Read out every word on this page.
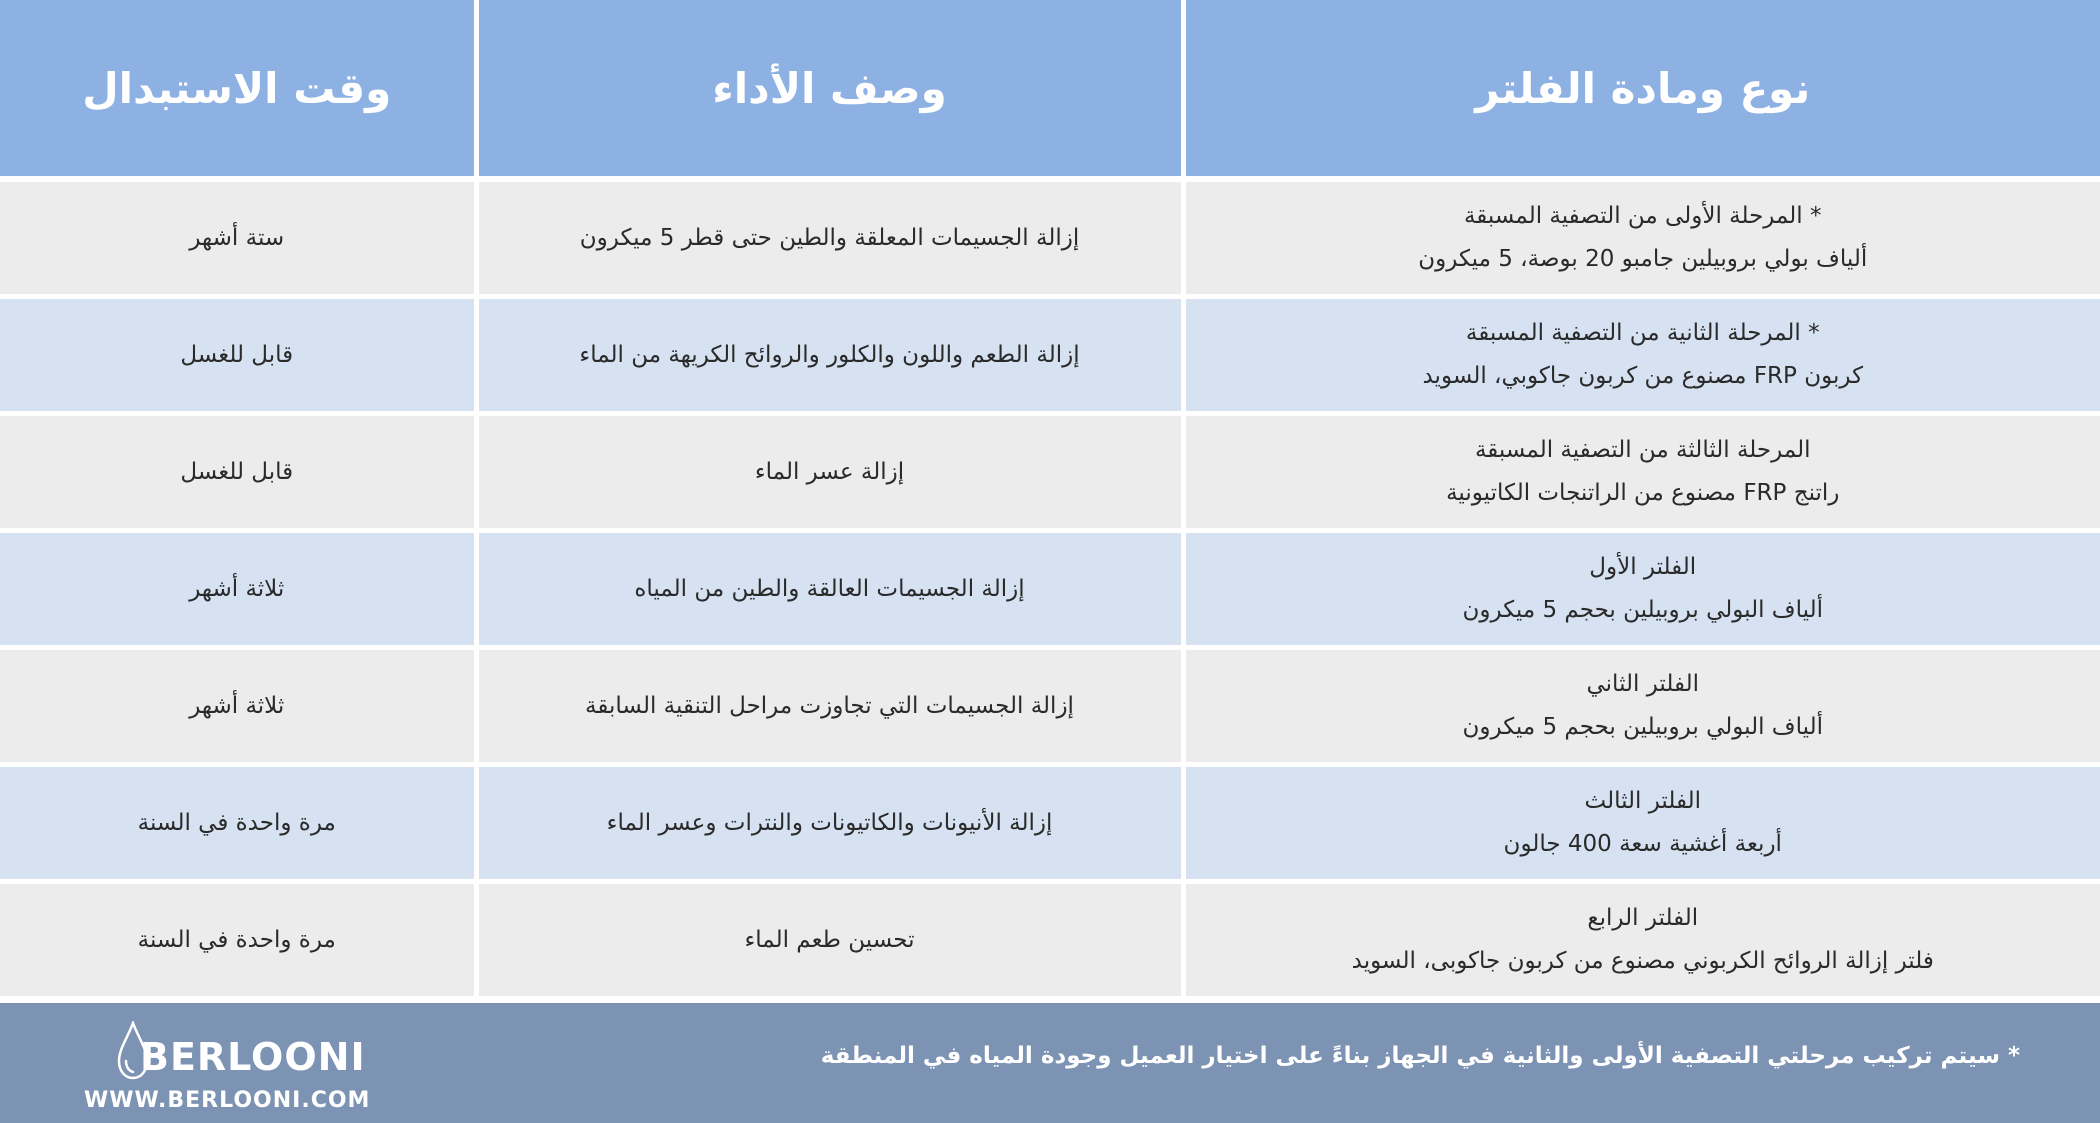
نوع ومادة الفلتر	وصف الأداء	وقت الاستبدال

* المرحلة الأولى من التصفية المسبقة
ألياف بولي بروبيلين جامبو 20 بوصة، 5 ميكرون	إزالة الجسيمات المعلقة والطين حتى قطر 5 ميكرون	ستة أشهر

* المرحلة الثانية من التصفية المسبقة
كربون FRP مصنوع من كربون جاكوبي، السويد	إزالة الطعم واللون والكلور والروائح الكريهة من الماء	قابل للغسل

المرحلة الثالثة من التصفية المسبقة
راتنج FRP مصنوع من الراتنجات الكاتيونية	إزالة عسر الماء	قابل للغسل

الفلتر الأول
ألياف البولي بروبيلين بحجم 5 ميكرون	إزالة الجسيمات العالقة والطين من المياه	ثلاثة أشهر

الفلتر الثاني
ألياف البولي بروبيلين بحجم 5 ميكرون	إزالة الجسيمات التي تجاوزت مراحل التنقية السابقة	ثلاثة أشهر

الفلتر الثالث
أربعة أغشية سعة 400 جالون	إزالة الأنيونات والكاتيونات والنترات وعسر الماء	مرة واحدة في السنة

الفلتر الرابع
فلتر إزالة الروائح الكربوني مصنوع من كربون جاكوبى، السويد	تحسين طعم الماء	مرة واحدة في السنة
* سيتم تركيب مرحلتي التصفية الأولى والثانية في الجهاز بناءً على اختيار العميل وجودة المياه في المنطقة
BERLOONI
WWW.BERLOONI.COM
